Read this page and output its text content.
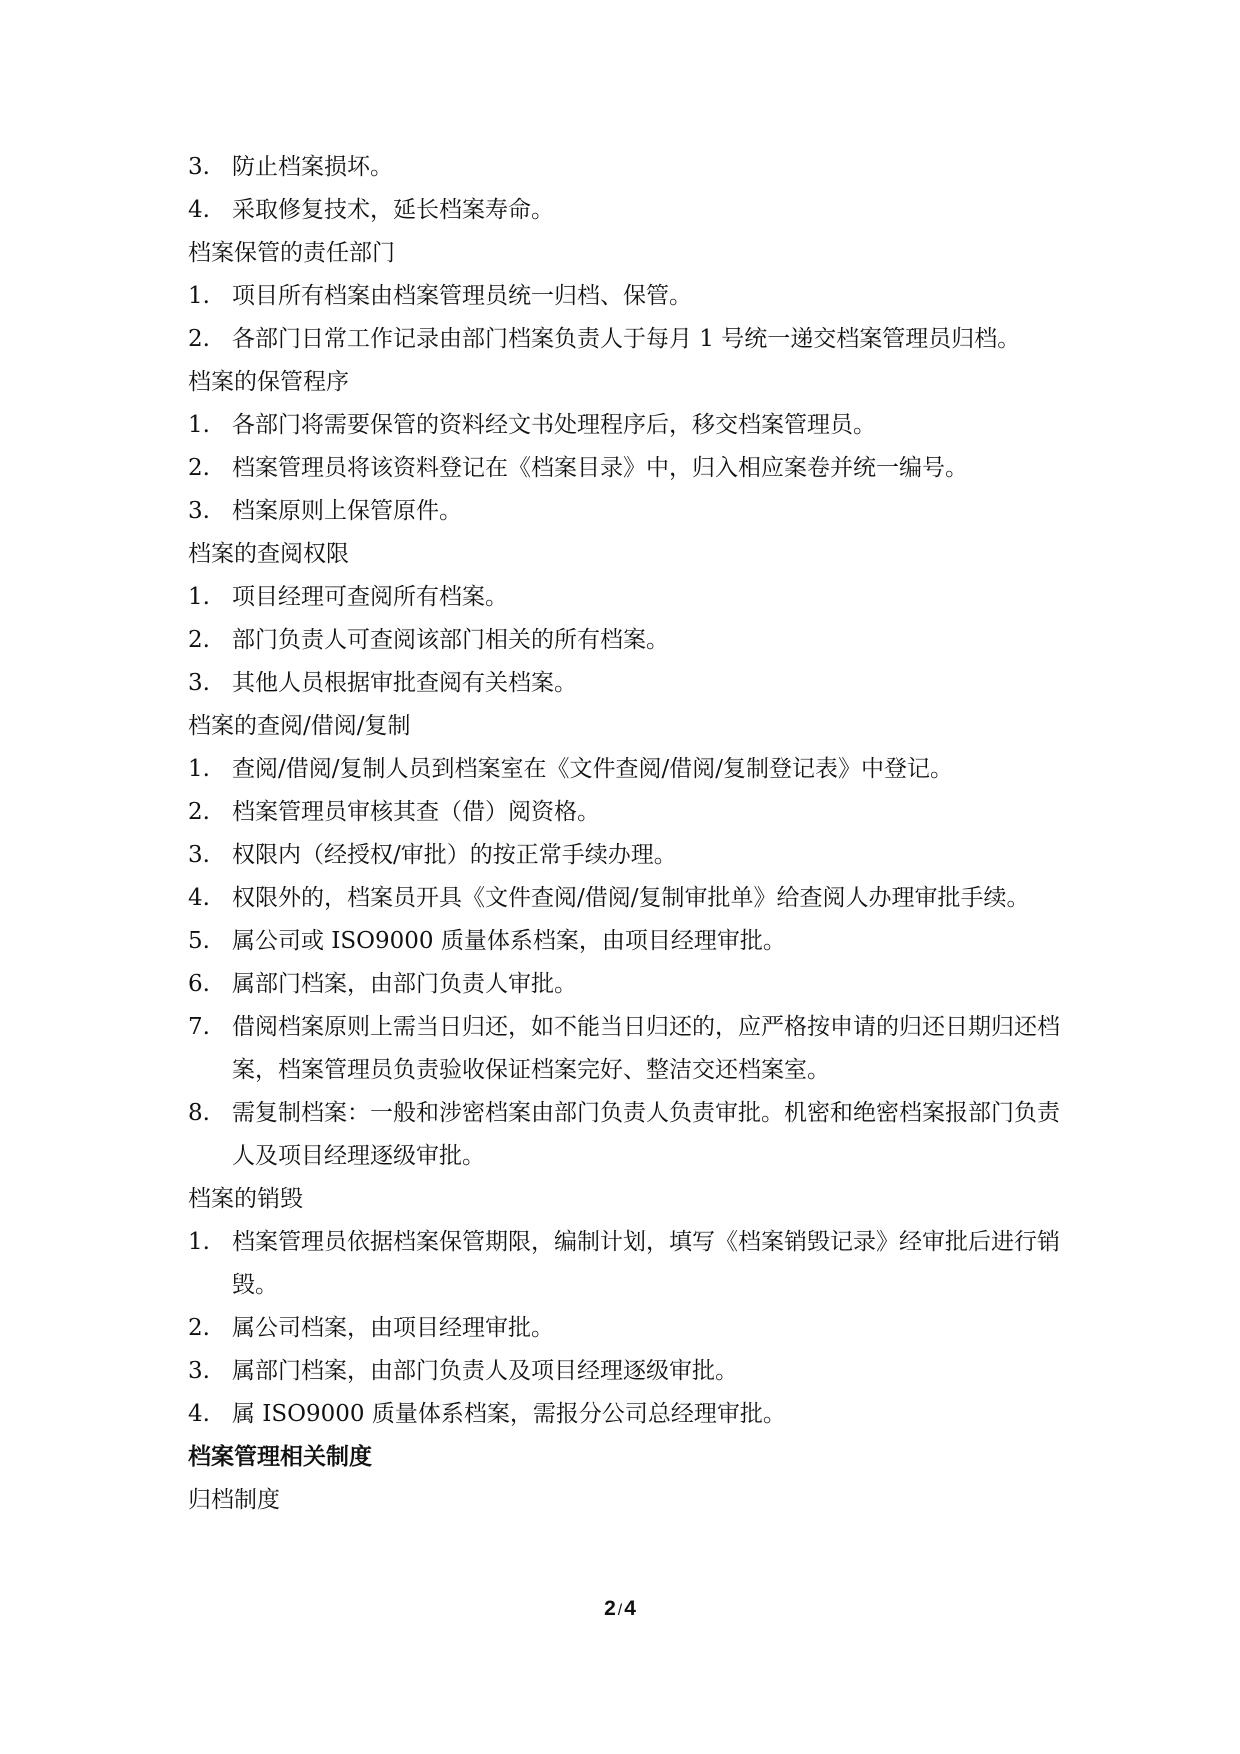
3. 防止档案损坏。
4. 采取修复技术，延长档案寿命。
档案保管的责任部门
1. 项目所有档案由档案管理员统一归档、保管。
2. 各部门日常工作记录由部门档案负责人于每月 1 号统一递交档案管理员归档。
档案的保管程序
1. 各部门将需要保管的资料经文书处理程序后，移交档案管理员。
2. 档案管理员将该资料登记在《档案目录》中，归入相应案卷并统一编号。
3. 档案原则上保管原件。
档案的查阅权限
1. 项目经理可查阅所有档案。
2. 部门负责人可查阅该部门相关的所有档案。
3. 其他人员根据审批查阅有关档案。
档案的查阅/借阅/复制
1. 查阅/借阅/复制人员到档案室在《文件查阅/借阅/复制登记表》中登记。
2. 档案管理员审核其查（借）阅资格。
3. 权限内（经授权/审批）的按正常手续办理。
4. 权限外的，档案员开具《文件查阅/借阅/复制审批单》给查阅人办理审批手续。
5. 属公司或 ISO9000 质量体系档案，由项目经理审批。
6. 属部门档案，由部门负责人审批。
7. 借阅档案原则上需当日归还，如不能当日归还的，应严格按申请的归还日期归还档案，档案管理员负责验收保证档案完好、整洁交还档案室。
8. 需复制档案：一般和涉密档案由部门负责人负责审批。机密和绝密档案报部门负责人及项目经理逐级审批。
档案的销毁
1. 档案管理员依据档案保管期限，编制计划，填写《档案销毁记录》经审批后进行销毁。
2. 属公司档案，由项目经理审批。
3. 属部门档案，由部门负责人及项目经理逐级审批。
4. 属 ISO9000 质量体系档案，需报分公司总经理审批。
档案管理相关制度
归档制度
2 /4
